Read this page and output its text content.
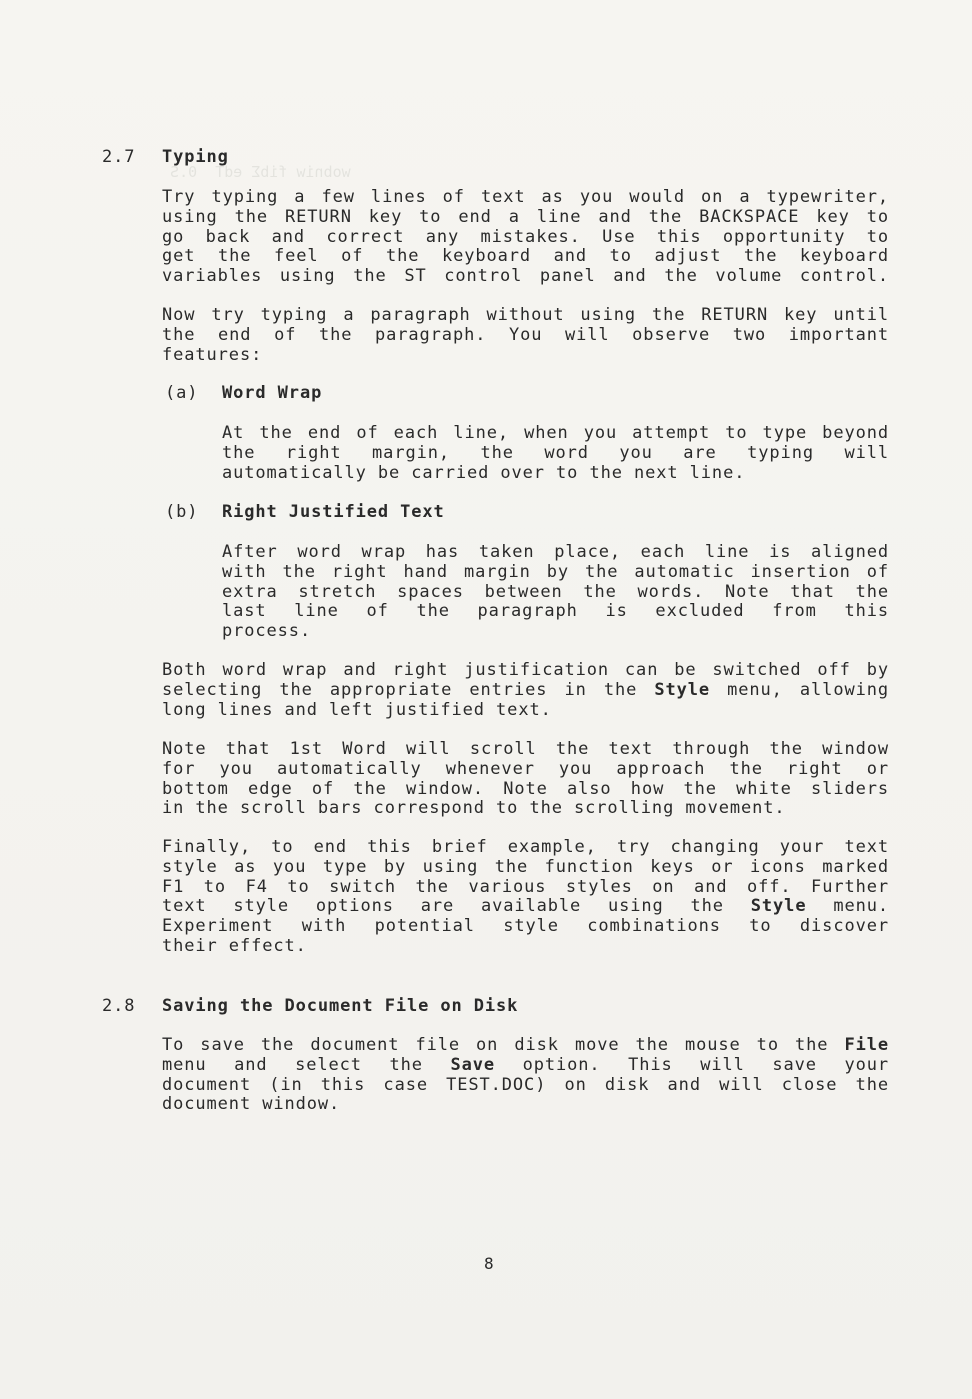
wobniw fibΣ edT  0.S
2.7 Typing
Try typing a few lines of text as you would on a typewriter,
using the RETURN key to end a line and the BACKSPACE key to
go back and correct any mistakes. Use this opportunity to
get the feel of the keyboard and to adjust the keyboard
variables using the ST control panel and the volume control.
Now try typing a paragraph without using the RETURN key until
the end of the paragraph. You will observe two important
features:
(a) Word Wrap
At the end of each line, when you attempt to type beyond
the right margin, the word you are typing will
automatically be carried over to the next line.
(b) Right Justified Text
After word wrap has taken place, each line is aligned
with the right hand margin by the automatic insertion of
extra stretch spaces between the words. Note that the
last line of the paragraph is excluded from this
process.
Both word wrap and right justification can be switched off by
selecting the appropriate entries in the Style menu, allowing
long lines and left justified text.
Note that 1st Word will scroll the text through the window
for you automatically whenever you approach the right or
bottom edge of the window. Note also how the white sliders
in the scroll bars correspond to the scrolling movement.
Finally, to end this brief example, try changing your text
style as you type by using the function keys or icons marked
F1 to F4 to switch the various styles on and off. Further
text style options are available using the Style menu.
Experiment with potential style combinations to discover
their effect.
2.8 Saving the Document File on Disk
To save the document file on disk move the mouse to the File
menu and select the Save option. This will save your
document (in this case TEST.DOC) on disk and will close the
document window.
8
